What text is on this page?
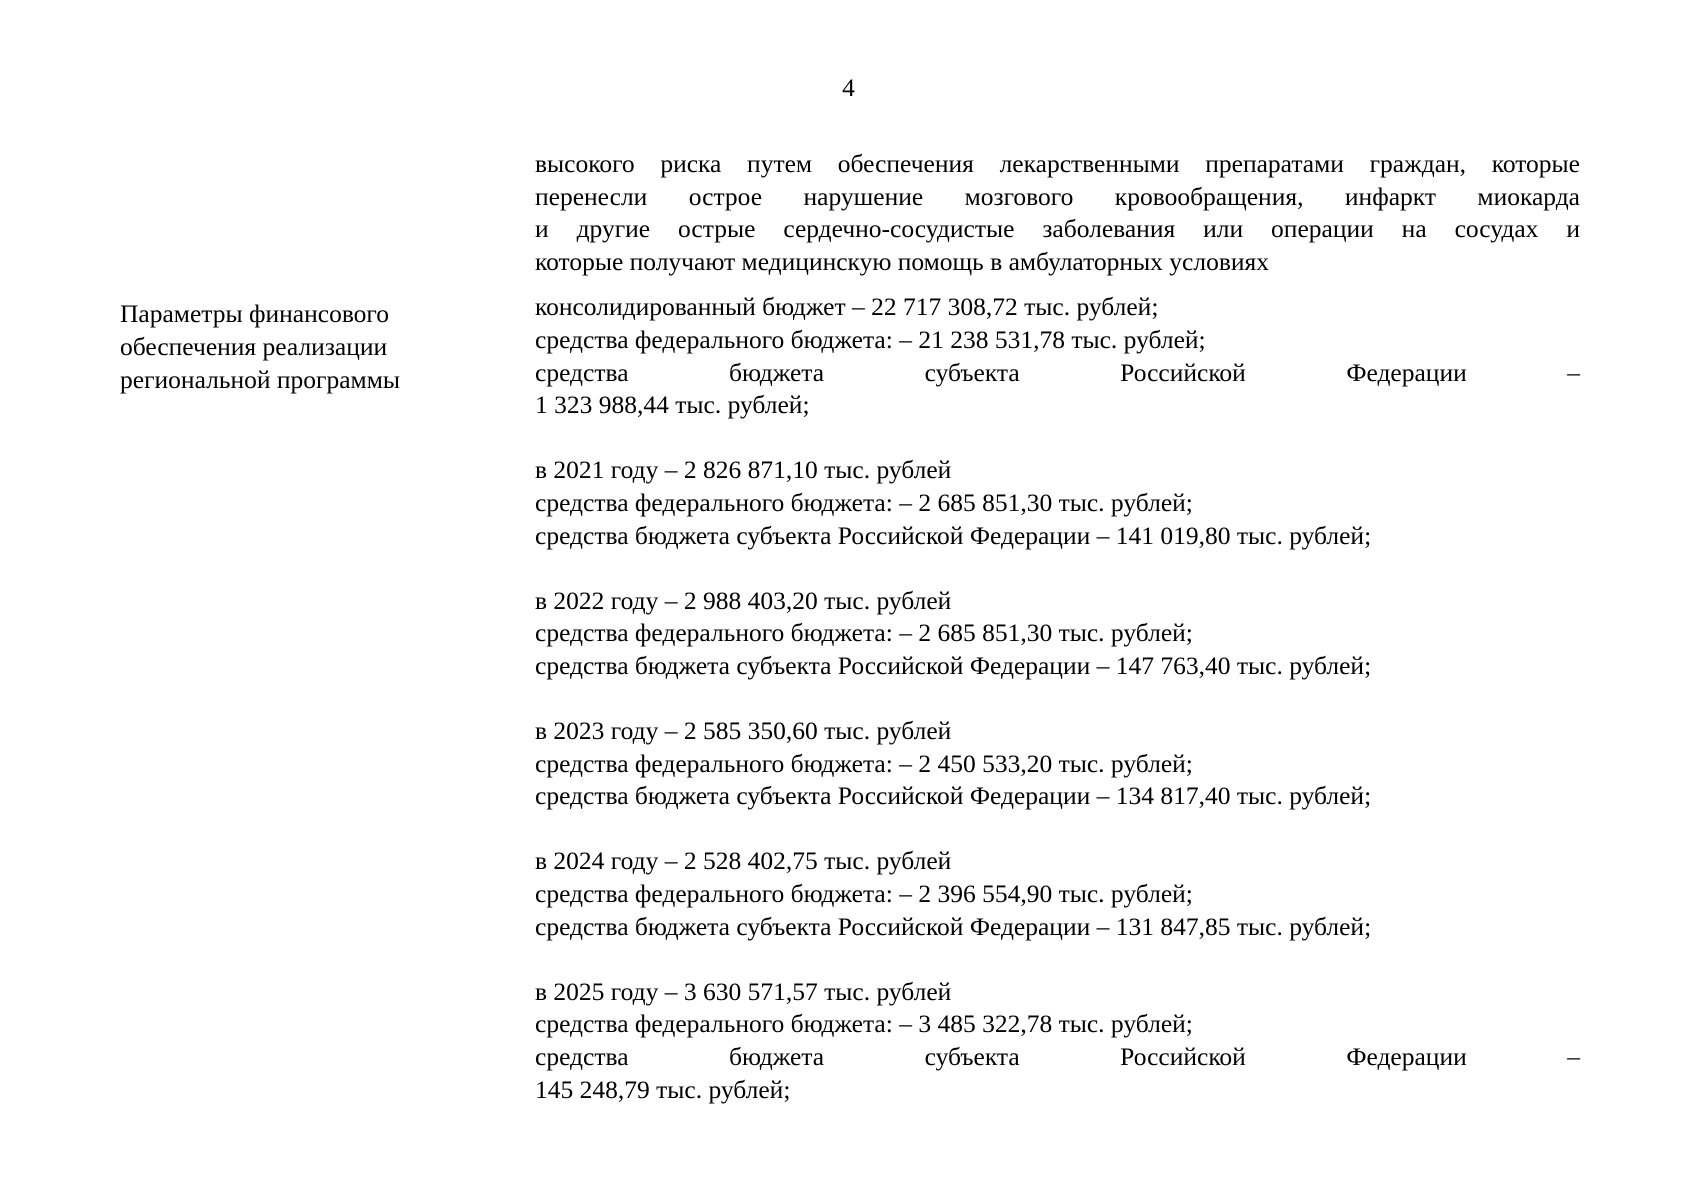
4
Параметры финансового
обеспечения реализации
региональной программы
высокого риска путем обеспечения лекарственными препаратами граждан, которые
перенесли острое нарушение мозгового кровообращения, инфаркт миокарда
и другие острые сердечно-сосудистые заболевания или операции на сосудах и
которые получают медицинскую помощь в амбулаторных условиях
консолидированный бюджет – 22 717 308,72 тыс. рублей;
средства федерального бюджета: – 21 238 531,78 тыс. рублей;
средства бюджета субъекта Российской Федерации –
1 323 988,44 тыс. рублей;
в 2021 году – 2 826 871,10 тыс. рублей
средства федерального бюджета: – 2 685 851,30 тыс. рублей;
средства бюджета субъекта Российской Федерации – 141 019,80 тыс. рублей;
в 2022 году – 2 988 403,20 тыс. рублей
средства федерального бюджета: – 2 685 851,30 тыс. рублей;
средства бюджета субъекта Российской Федерации – 147 763,40 тыс. рублей;
в 2023 году – 2 585 350,60 тыс. рублей
средства федерального бюджета: – 2 450 533,20 тыс. рублей;
средства бюджета субъекта Российской Федерации – 134 817,40 тыс. рублей;
в 2024 году – 2 528 402,75 тыс. рублей
средства федерального бюджета: – 2 396 554,90 тыс. рублей;
средства бюджета субъекта Российской Федерации – 131 847,85 тыс. рублей;
в 2025 году – 3 630 571,57 тыс. рублей
средства федерального бюджета: – 3 485 322,78 тыс. рублей;
средства бюджета субъекта Российской Федерации –
145 248,79 тыс. рублей;
